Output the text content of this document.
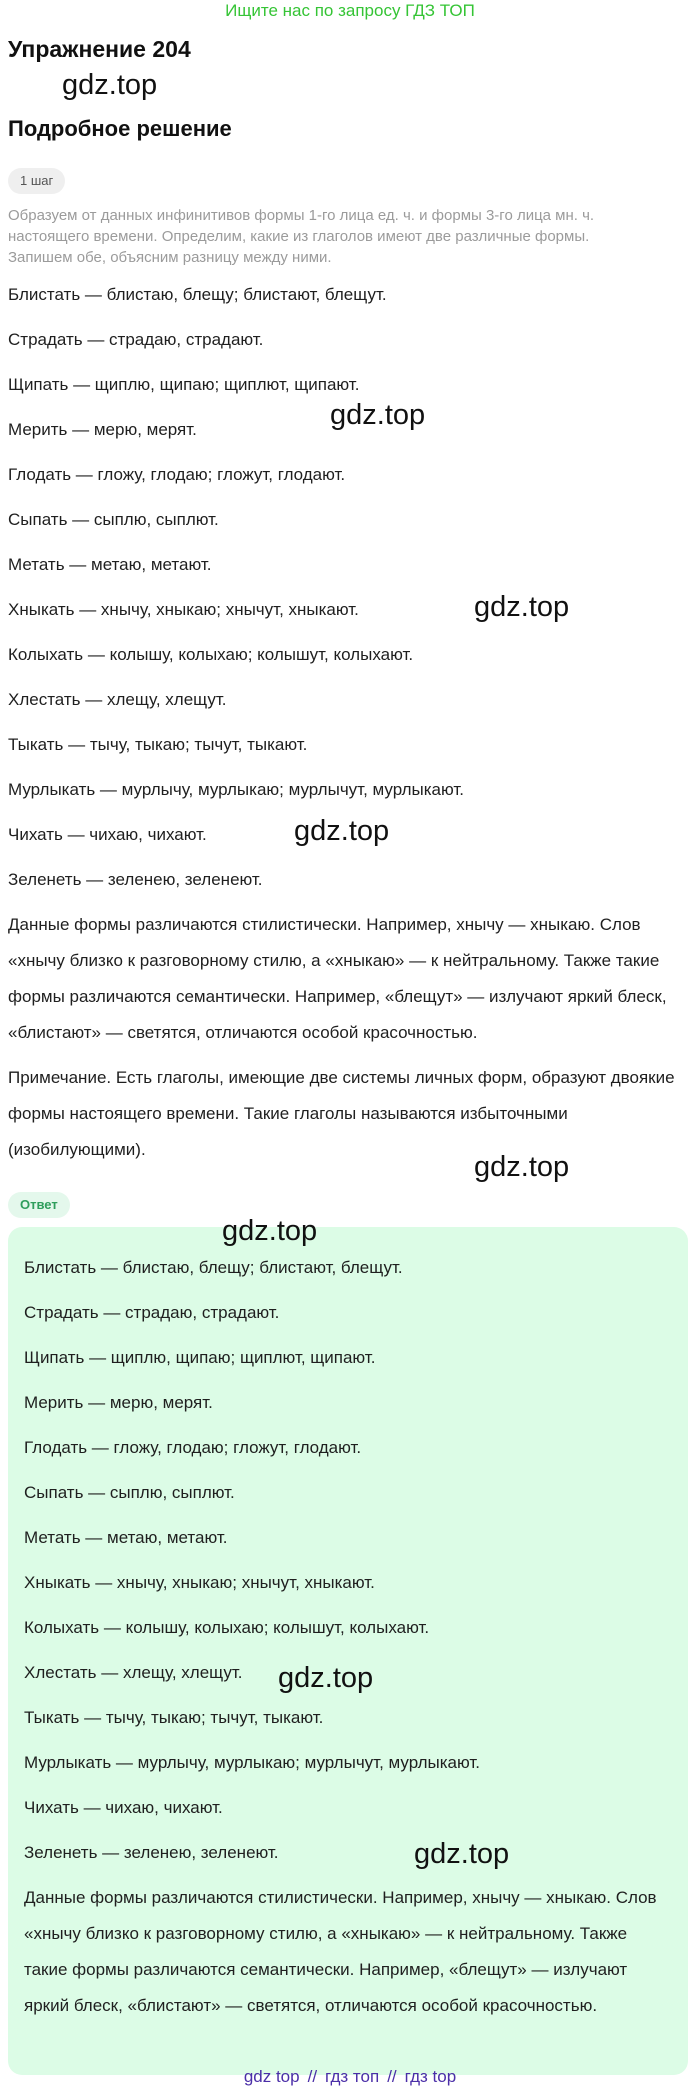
Ищите нас по запросу ГДЗ ТОП
Упражнение 204
Подробное решение
1 шаг
Образуем от данных инфинитивов формы 1-го лица ед. ч. и формы 3-го лица мн. ч. настоящего времени. Определим, какие из глаголов имеют две различные формы. Запишем обе, объясним разницу между ними.
Блистать — блистаю, блещу; блистают, блещут.
Страдать — страдаю, страдают.
Щипать — щиплю, щипаю; щиплют, щипают.
Мерить — мерю, мерят.
Глодать — гложу, глодаю; гложут, глодают.
Сыпать — сыплю, сыплют.
Метать — метаю, метают.
Хныкать — хнычу, хныкаю; хнычут, хныкают.
Колыхать — колышу, колыхаю; колышут, колыхают.
Хлестать — хлещу, хлещут.
Тыкать — тычу, тыкаю; тычут, тыкают.
Мурлыкать — мурлычу, мурлыкаю; мурлычут, мурлыкают.
Чихать — чихаю, чихают.
Зеленеть — зеленею, зеленеют.
Данные формы различаются стилистически. Например, хнычу — хныкаю. Слов «хнычу близко к разговорному стилю, а «хныкаю» — к нейтральному. Также такие формы различаются семантически. Например, «блещут» — излучают яркий блеск, «блистают» — светятся, отличаются особой красочностью.
Примечание. Есть глаголы, имеющие две системы личных форм, образуют двоякие формы настоящего времени. Такие глаголы называются избыточными (изобилующими).
Ответ
Блистать — блистаю, блещу; блистают, блещут.
Страдать — страдаю, страдают.
Щипать — щиплю, щипаю; щиплют, щипают.
Мерить — мерю, мерят.
Глодать — гложу, глодаю; гложут, глодают.
Сыпать — сыплю, сыплют.
Метать — метаю, метают.
Хныкать — хнычу, хныкаю; хнычут, хныкают.
Колыхать — колышу, колыхаю; колышут, колыхают.
Хлестать — хлещу, хлещут.
Тыкать — тычу, тыкаю; тычут, тыкают.
Мурлыкать — мурлычу, мурлыкаю; мурлычут, мурлыкают.
Чихать — чихаю, чихают.
Зеленеть — зеленею, зеленеют.
Данные формы различаются стилистически. Например, хнычу — хныкаю. Слов «хнычу близко к разговорному стилю, а «хныкаю» — к нейтральному. Также такие формы различаются семантически. Например, «блещут» — излучают яркий блеск, «блистают» — светятся, отличаются особой красочностью.
gdz.top
gdz.top
gdz.top
gdz.top
gdz.top
gdz.top
gdz.top
gdz.top
gdz top // гдз топ // гдз top
